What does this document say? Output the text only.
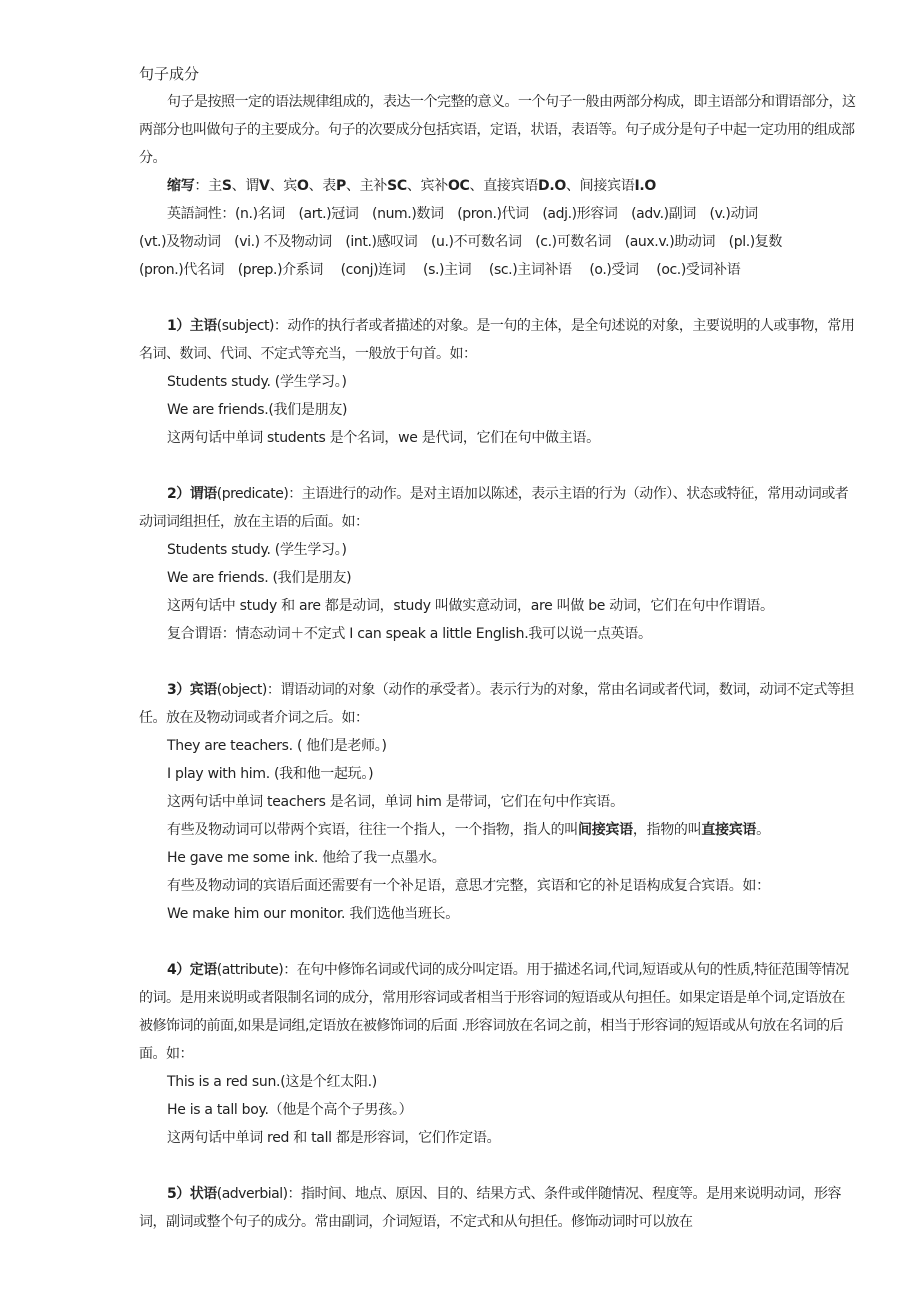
句子成分

句子是按照一定的语法规律组成的，表达一个完整的意义。一个句子一般由两部分构成，即主语部分和谓语部分，这两部分也叫做句子的主要成分。句子的次要成分包括宾语，定语，状语，表语等。句子成分是句子中起一定功用的组成部分。

缩写：主S、谓V、宾O、表P、主补SC、宾补OC、直接宾语D.O、间接宾语I.O

英語詞性：(n.)名词　(art.)冠词　(num.)数词　(pron.)代词　(adj.)形容词　(adv.)副词　(v.)动词

(vt.)及物动词　(vi.) 不及物动词　(int.)感叹词　(u.)不可数名词　(c.)可数名词　(aux.v.)助动词　(pl.)复数

(pron.)代名词　(prep.)介系词　 (conj)连词　 (s.)主词　 (sc.)主词补语　 (o.)受词　 (oc.)受词补语

1）主语(subject)：动作的执行者或者描述的对象。是一句的主体，是全句述说的对象，主要说明的人或事物，常用名词、数词、代词、不定式等充当，一般放于句首。如：

Students study. (学生学习。)

We are friends.(我们是朋友)

这两句话中单词 students 是个名词，we 是代词，它们在句中做主语。

2）谓语(predicate)：主语进行的动作。是对主语加以陈述，表示主语的行为（动作）、状态或特征，常用动词或者动词词组担任，放在主语的后面。如：

Students study. (学生学习。)

We are friends. (我们是朋友)

这两句话中 study 和 are 都是动词，study 叫做实意动词，are 叫做 be 动词，它们在句中作谓语。

复合谓语：情态动词＋不定式 I can speak a little English.我可以说一点英语。

3）宾语(object)：谓语动词的对象（动作的承受者）。表示行为的对象，常由名词或者代词，数词，动词不定式等担任。放在及物动词或者介词之后。如：

They are teachers. ( 他们是老师。)

I play with him. (我和他一起玩。)

这两句话中单词 teachers 是名词，单词 him 是带词，它们在句中作宾语。

有些及物动词可以带两个宾语，往往一个指人，一个指物，指人的叫间接宾语，指物的叫直接宾语。

He gave me some ink. 他给了我一点墨水。

有些及物动词的宾语后面还需要有一个补足语，意思才完整，宾语和它的补足语构成复合宾语。如：

We make him our monitor. 我们选他当班长。

4）定语(attribute)：在句中修饰名词或代词的成分叫定语。用于描述名词,代词,短语或从句的性质,特征范围等情况的词。是用来说明或者限制名词的成分，常用形容词或者相当于形容词的短语或从句担任。如果定语是单个词,定语放在被修饰词的前面,如果是词组,定语放在被修饰词的后面 .形容词放在名词之前，相当于形容词的短语或从句放在名词的后面。如：

This is a red sun.(这是个红太阳.)

He is a tall boy.（他是个高个子男孩。）

这两句话中单词 red 和 tall 都是形容词，它们作定语。

5）状语(adverbial)：指时间、地点、原因、目的、结果方式、条件或伴随情况、程度等。是用来说明动词，形容词，副词或整个句子的成分。常由副词，介词短语，不定式和从句担任。修饰动词时可以放在
